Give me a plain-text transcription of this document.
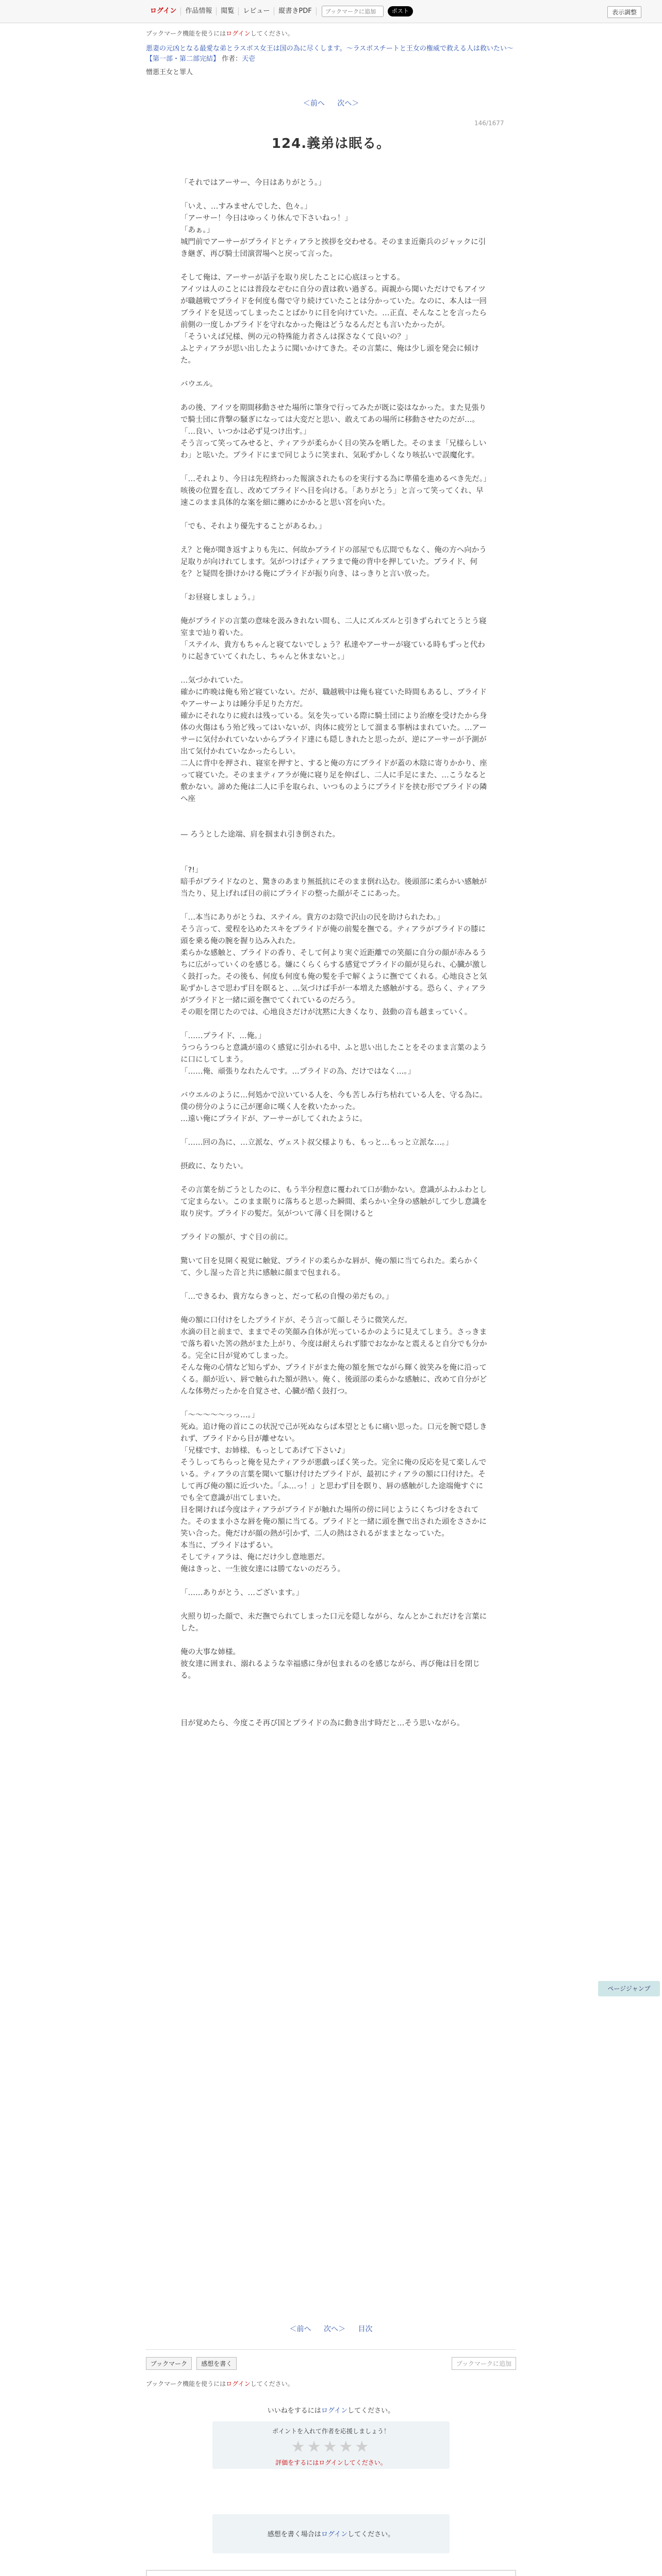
ログイン	作品情報	閲覧	レビュー	縦書きPDF
ブックマークに追加	ポスト	表示調整
ブックマーク機能を使うにはログインしてください。
悪妻の元凶となる最愛な弟とラスボス女王は国の為に尽くします。〜ラスボスチートと王女の権威で救える人は救いたい〜【第一部・第二部完結】 作者：天壱
憎悪王女と罪人
＜前へ 次へ＞
146/1677
124.義弟は眠る。

「それではアーサー、今日はありがとう。」

「いえ、…すみませんでした、色々。」

「アーサー！今日はゆっくり休んで下さいねっ！」

「あぁ。」

城門前でアーサーがプライドとティアラと挨拶を交わせる。そのまま近衛兵のジャックに引き継ぎ、再び騎士団演習場へと戻って言った。

そして俺は、アーサーが話子を取り戻したことに心底ほっとする。

アイツは人のことには普段なぞむに自分の責は救い過ぎる。両親から聞いただけでもアイツが職越戦でプライドを何度も傷で守り続けていたことは分かっていた。なのに、本人は一回ブライドを見送ってしまったことばかりに目を向けていた。…正直、そんなことを言ったら前側の一度しかプライドを守れなかった俺はどうなるんだとも言いたかったが。

「そういえば兄様、例の元の特殊能力者さんは探さなくて良いの？」

ふとティアラが思い出したように聞いかけてきた。その言葉に、俺は少し頭を発会に傾けた。

バウエル。

あの後、アイツを期間移動させた場所に筆身で行ってみたが既に姿はなかった。また見張りで騎士団に背撃の騒ぎになっては大変だと思い、敢えてあの場所に移動させたのだが…。

「…良い、いつかは必ず見つけ出す。」

そう言って笑ってみせると、ティアラが柔らかく目の笑みを晒した。そのまま「兄様らしいわ」と呟いた。プライドにまで同じように笑まれ、気恥ずかしくなり咳払いで誤魔化す。

「…それより、今日は先程終わった報演されたものを実行する為に準備を進めるべき先だ。」

咳後の位置を直し、改めてブライドへ目を向ける。「ありがとう」と言って笑ってくれ、早速このまま具体的な案を細に纏めにかかると思い宮を向いた。

「でも、それより優先することがあるわ。」

え？と俺が聞き返すよりも先に、何故かブライドの部屋でも広間でもなく、俺の方へ向かう足取りが向けれてします。気がつけばティアラまで俺の背中を押していた。プライド、何を？と疑問を掛けかける俺にプライドが振り向き、はっきりと言い放った。

「お昼寝しましょう。」

俺がプライドの言葉の意味を汲みきれない間も、二人にズルズルと引きずられてとうとう寝室まで辿り着いた。

「ステイル、貴方もちゃんと寝てないでしょう？私達やアーサーが寝ている時もずっと代わりに起きていてくれたし、ちゃんと休まないと。」

…気づかれていた。

確かに昨晩は俺も殆ど寝ていない。だが、職越戦中は俺も寝ていた時間もあるし、ブライドやアーサーよりは睡分手足りた方だ。

確かにそれなりに疲れは残っている。気を失っている際に騎士団により治療を受けたから身体の火傷はもう殆ど残ってはいないが、肉体に疲労として溜まる事柄はまれていた。…アーサーに気付かれていないからプライド達にも隠しきれたと思ったが、逆にアーサーが予測が出て気付かれていなかったらしい。

二人に背中を押され、寝室を押すと、すると俺の方にブライドが蓋の木陰に寄りかかり、座って寝ていた。そのままティアラが俺に寝り足を伸ばし、二人に手足にまた、…こうなると敷かない。諦めた俺は二人に手を取られ、いつものようにプライドを挟む形でブライドの隣へ座

— ろうとした途端、肩を掴まれ引き倒された。

「?!」

暗手がプライドなのと、驚きのあまり無抵抗にそのまま倒れ込む。後頭部に柔らかい感触が当たり、見上げれば目の前にプライドの整った顔がそこにあった。

「…本当にありがとうね、ステイル。貴方のお陰で沢山の民を助けられたわ。」

そう言って、愛程を込めたスキをプライドが俺の前髪を撫でる。ティアラがブライドの膝に頭を乗る俺の腕を握り込み入れた。

柔らかな感触と、プライドの香り、そして何より実ぐ近距離での笑顔に自分の顔が赤みるうちに広がっていくのを感じる。嫌にくらくらする感覚でプライドの顔が見られ、心臓が激しく鼓打った。その後も、何度も何度も俺の髪を手で解くように撫でてくれる。心地良さと気恥ずかしさで思わず目を瞑ると、…気づけば手が一本増えた感触がする。恐らく、ティアラがブライドと一緒に頭を撫でてくれているのだろう。

その眼を閉じたのでは、心地良さだけが沈黙に大きくなり、鼓動の音も越まっていく。

「……プライド、…俺。」

うつらうつらと意識が遠のく感覚に引かれる中、ふと思い出したことをそのまま言葉のように口にしてしまう。

「……俺、頑張りなれたんです。…プライドの為、だけではなく…。」

バウエルのように…何処かで泣いている人を、今も苦しみ行ち枯れている人を、守る為に。僕の傍分のように己が運命に嘆く人を救いたかった。

…遠い俺にプライドが、アーサーがしてくれたように。

「……回の為に、…立派な、ヴェスト叔父様よりも、もっと…もっと立派な…。」

摂政に、なりたい。

その言葉を紡ごうとしたのに、もう半分程意に覆われて口が動かない。意識がふわふわとして定まらない。このまま眠りに落ちると思った瞬間、柔らかい全身の感触がして少し意識を取り戻す。プライドの髪だ。気がついて薄く目を開けると

プライドの額が、すぐ目の前に。

驚いて目を見開く視覚に触覚、プライドの柔らかな唇が、俺の額に当てられた。柔らかくて、少し湿った音と共に感触に顔まで包まれる。

「…できるわ、貴方ならきっと、だって私の自慢の弟だもの。」

俺の額に口付けをしたプライドが、そう言って顔しそうに微笑んだ。

水滴の目と前まで、ままでその笑顔み自体が光っているかのように見えてしまう。さっきまで落ち着いた筈の熱がまた上がり、今度は耐えられず膝でおなかなと震えると自分でも分かる。完全に目が覚めてしまった。

そんな俺の心情など知らずか、プライドがまた俺の額を無でながら輝く彼笑みを俺に沿ってくる。顔が近い、唇で触られた額が熱い。俺く、後頭部の柔らかな感触に、改めて自分がどんな体勢だったかを自覚させ、心臓が酷く鼓打つ。

「〜〜〜〜〜っっ…。」

死ぬ。追け俺の首にこの状況で己が死ぬならば本望とともに痛い思った。口元を腕で隠しきれず、ブライドから目が離せない。

「兄様です、お姉様、もっとしてあげて下さい♪」

そうしってちらっと俺を見たティアラが悪戯っぽく笑った。完全に俺の反応を見て楽しんでいる。ティアラの言葉を聞いて駆け付けたプライドが、最初にティアラの額に口付けた。そして再び俺の額に近づいた。「ふ…っ！」と思わず目を瞑り、唇の感触がした途端俺すぐにでも全て意識が出てしまいた。

目を開ければ今度はティアラがブライドが触れた場所の傍に同じようにくちづけをされてた。そのまま小さな唇を俺の額に当てる。プライドと一緒に頭を撫で出された頭をささかに笑い合った。俺だけが顔の熱が引かず、二人の熱はされるがままとなっていた。

本当に、プライドはずるい。

そしてティアラは、俺にだけ少し意地悪だ。

俺はきっと、一生彼女達には勝てないのだろう。

「……ありがとう、…ございます。」

火照り切った顔で、未だ撫でられてしまった口元を隠しながら、なんとかこれだけを言葉にした。

俺の大事な姉様。

彼女達に囲まれ、溺れるような幸福感に身が包まれるのを感じながら、再び俺は目を閉じる。

目が覚めたら、今度こそ再び国とプライドの為に動き出す時だと…そう思いながら。

ページジャンプ
＜前へ 次へ＞ 目次
ブックマーク 感想を書く	ブックマークに追加
ブックマーク機能を使うにはログインしてください。
いいねをするにはログインしてください。
ポイントを入れて作者を応援しましょう！
★★★★★
評価をするにはログインしてください。
感想を書く場合はログインしてください。
